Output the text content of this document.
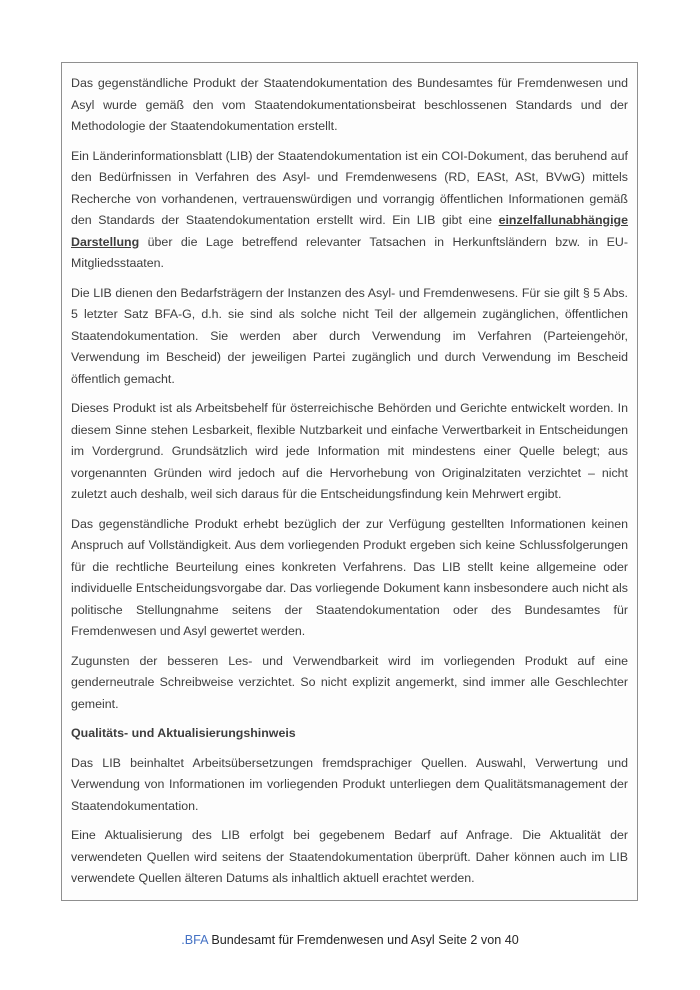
Das gegenständliche Produkt der Staatendokumentation des Bundesamtes für Fremdenwesen und Asyl wurde gemäß den vom Staatendokumentationsbeirat beschlossenen Standards und der Methodologie der Staatendokumentation erstellt.

Ein Länderinformationsblatt (LIB) der Staatendokumentation ist ein COI-Dokument, das beruhend auf den Bedürfnissen in Verfahren des Asyl- und Fremdenwesens (RD, EASt, ASt, BVwG) mittels Recherche von vorhandenen, vertrauenswürdigen und vorrangig öffentlichen Informationen gemäß den Standards der Staatendokumentation erstellt wird. Ein LIB gibt eine einzelfallunabhängige Darstellung über die Lage betreffend relevanter Tatsachen in Herkunftsländern bzw. in EU-Mitgliedsstaaten.

Die LIB dienen den Bedarfsträgern der Instanzen des Asyl- und Fremdenwesens. Für sie gilt § 5 Abs. 5 letzter Satz BFA-G, d.h. sie sind als solche nicht Teil der allgemein zugänglichen, öffentlichen Staatendokumentation. Sie werden aber durch Verwendung im Verfahren (Parteiengehör, Verwendung im Bescheid) der jeweiligen Partei zugänglich und durch Verwendung im Bescheid öffentlich gemacht.

Dieses Produkt ist als Arbeitsbehelf für österreichische Behörden und Gerichte entwickelt worden. In diesem Sinne stehen Lesbarkeit, flexible Nutzbarkeit und einfache Verwertbarkeit in Entscheidungen im Vordergrund. Grundsätzlich wird jede Information mit mindestens einer Quelle belegt; aus vorgenannten Gründen wird jedoch auf die Hervorhebung von Originalzitaten verzichtet – nicht zuletzt auch deshalb, weil sich daraus für die Entscheidungsfindung kein Mehrwert ergibt.

Das gegenständliche Produkt erhebt bezüglich der zur Verfügung gestellten Informationen keinen Anspruch auf Vollständigkeit. Aus dem vorliegenden Produkt ergeben sich keine Schlussfolgerungen für die rechtliche Beurteilung eines konkreten Verfahrens. Das LIB stellt keine allgemeine oder individuelle Entscheidungsvorgabe dar. Das vorliegende Dokument kann insbesondere auch nicht als politische Stellungnahme seitens der Staatendokumentation oder des Bundesamtes für Fremdenwesen und Asyl gewertet werden.

Zugunsten der besseren Les- und Verwendbarkeit wird im vorliegenden Produkt auf eine genderneutrale Schreibweise verzichtet. So nicht explizit angemerkt, sind immer alle Geschlechter gemeint.

Qualitäts- und Aktualisierungshinweis

Das LIB beinhaltet Arbeitsübersetzungen fremdsprachiger Quellen. Auswahl, Verwertung und Verwendung von Informationen im vorliegenden Produkt unterliegen dem Qualitätsmanagement der Staatendokumentation.

Eine Aktualisierung des LIB erfolgt bei gegebenem Bedarf auf Anfrage. Die Aktualität der verwendeten Quellen wird seitens der Staatendokumentation überprüft. Daher können auch im LIB verwendete Quellen älteren Datums als inhaltlich aktuell erachtet werden.

.BFA Bundesamt für Fremdenwesen und Asyl Seite 2 von 40
